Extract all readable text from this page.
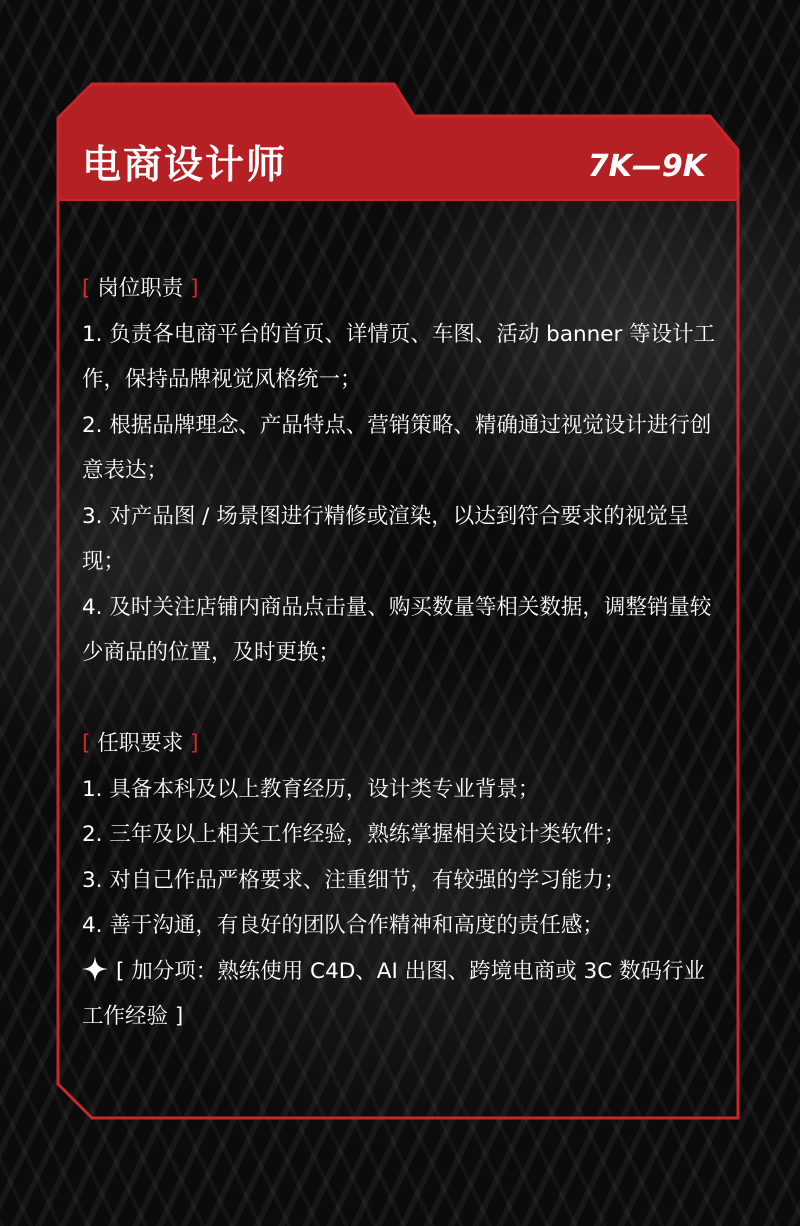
电商设计师	7K—9K

[ 岗位职责 ]

1. 负责各电商平台的首页、详情页、车图、活动 banner 等设计工作，保持品牌视觉风格统一；

2. 根据品牌理念、产品特点、营销策略、精确通过视觉设计进行创意表达；

3. 对产品图 / 场景图进行精修或渲染，以达到符合要求的视觉呈现；

4. 及时关注店铺内商品点击量、购买数量等相关数据，调整销量较少商品的位置，及时更换；

[ 任职要求 ]

1. 具备本科及以上教育经历，设计类专业背景；

2. 三年及以上相关工作经验，熟练掌握相关设计类软件；

3. 对自己作品严格要求、注重细节，有较强的学习能力；

4. 善于沟通，有良好的团队合作精神和高度的责任感；

[ 加分项：熟练使用 C4D、AI 出图、跨境电商或 3C 数码行业工作经验 ]
